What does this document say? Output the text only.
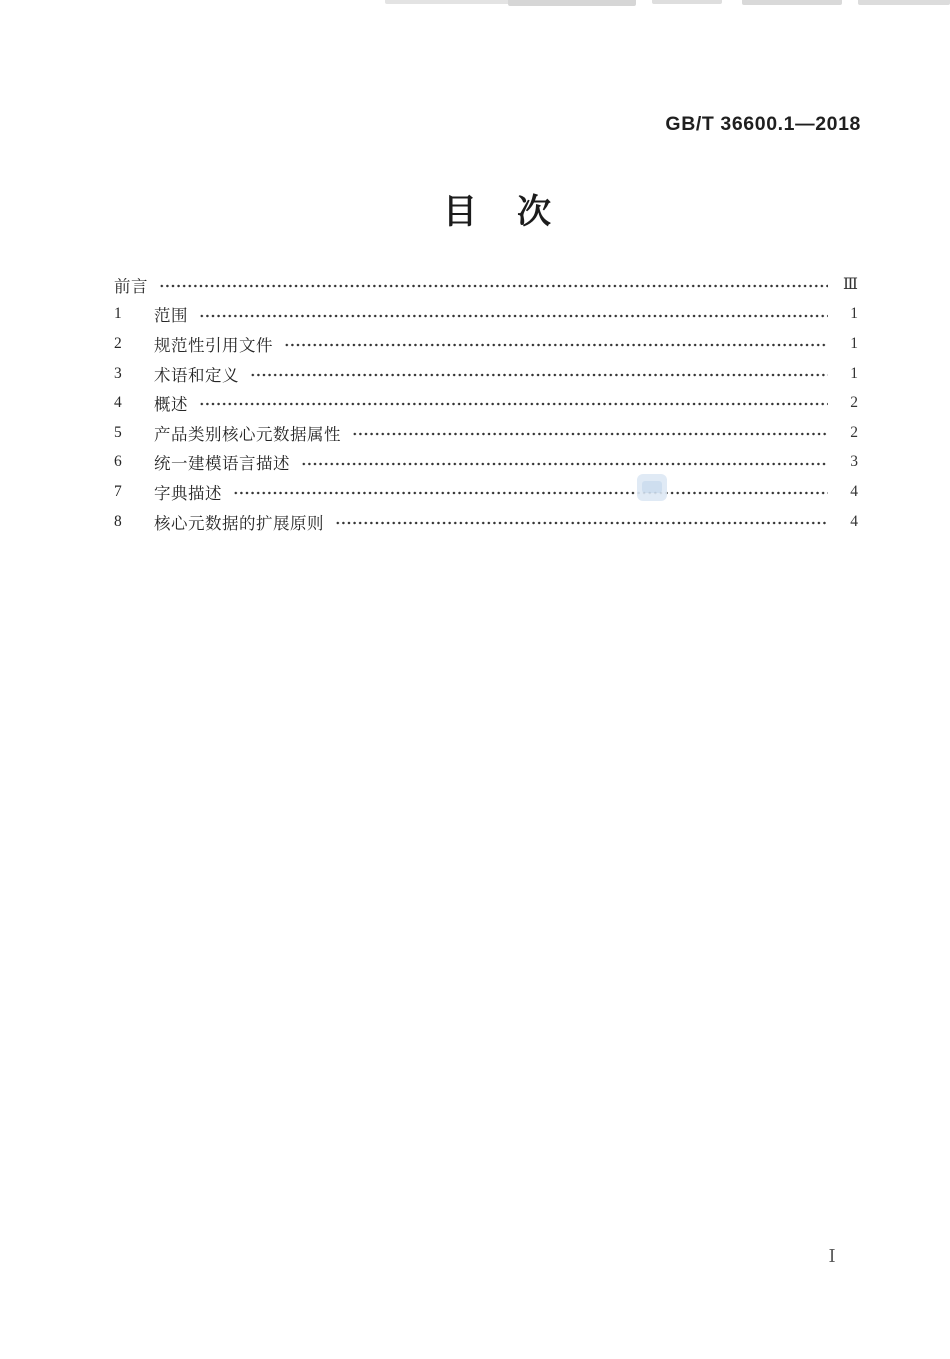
GB/T 36600.1—2018
目 次
前言	Ⅲ
1	范围	1
2	规范性引用文件	1
3	术语和定义	1
4	概述	2
5	产品类别核心元数据属性	2
6	统一建模语言描述	3
7	字典描述	4
8	核心元数据的扩展原则	4
Ⅰ
